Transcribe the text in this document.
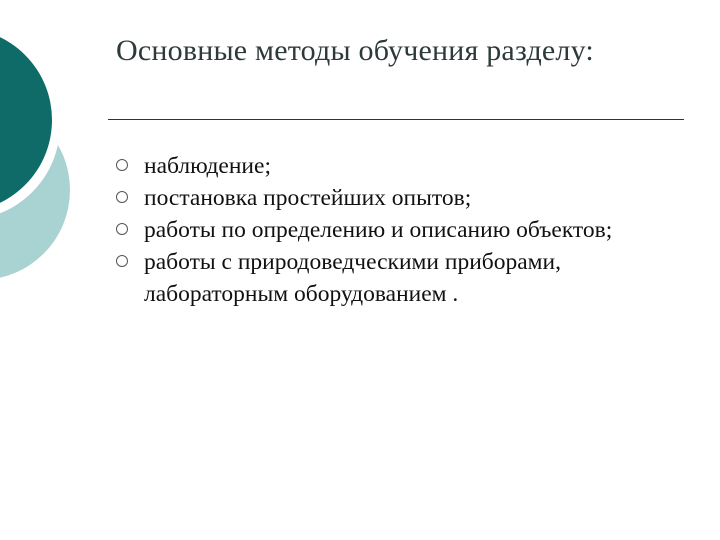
Основные методы обучения разделу:
наблюдение;
постановка простейших опытов;
работы по определению и описанию объектов;
работы с природоведческими приборами, лабораторным оборудованием .
